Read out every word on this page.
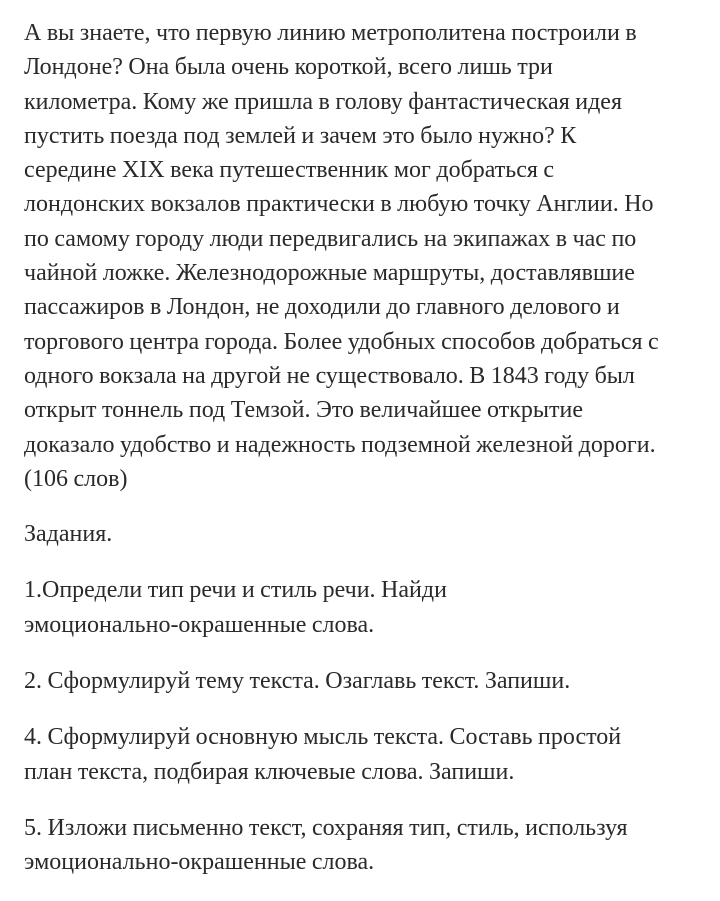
А вы знаете, что первую линию метрополитена построили в
Лондоне? Она была очень короткой, всего лишь три
километра. Кому же пришла в голову фантастическая идея
пустить поезда под землей и зачем это было нужно? К
середине XIX века путешественник мог добраться с
лондонских вокзалов практически в любую точку Англии. Но
по самому городу люди передвигались на экипажах в час по
чайной ложке. Железнодорожные маршруты, доставлявшие
пассажиров в Лондон, не доходили до главного делового и
торгового центра города. Более удобных способов добраться с
одного вокзала на другой не существовало. В 1843 году был
открыт тоннель под Темзой. Это величайшее открытие
доказало удобство и надежность подземной железной дороги.
(106 слов)

Задания.

1.Определи тип речи и стиль речи. Найди
эмоционально-окрашенные слова.

2. Сформулируй тему текста. Озаглавь текст. Запиши.

4. Сформулируй основную мысль текста. Составь простой
план текста, подбирая ключевые слова. Запиши.

5. Изложи письменно текст, сохраняя тип, стиль, используя
эмоционально-окрашенные слова.
